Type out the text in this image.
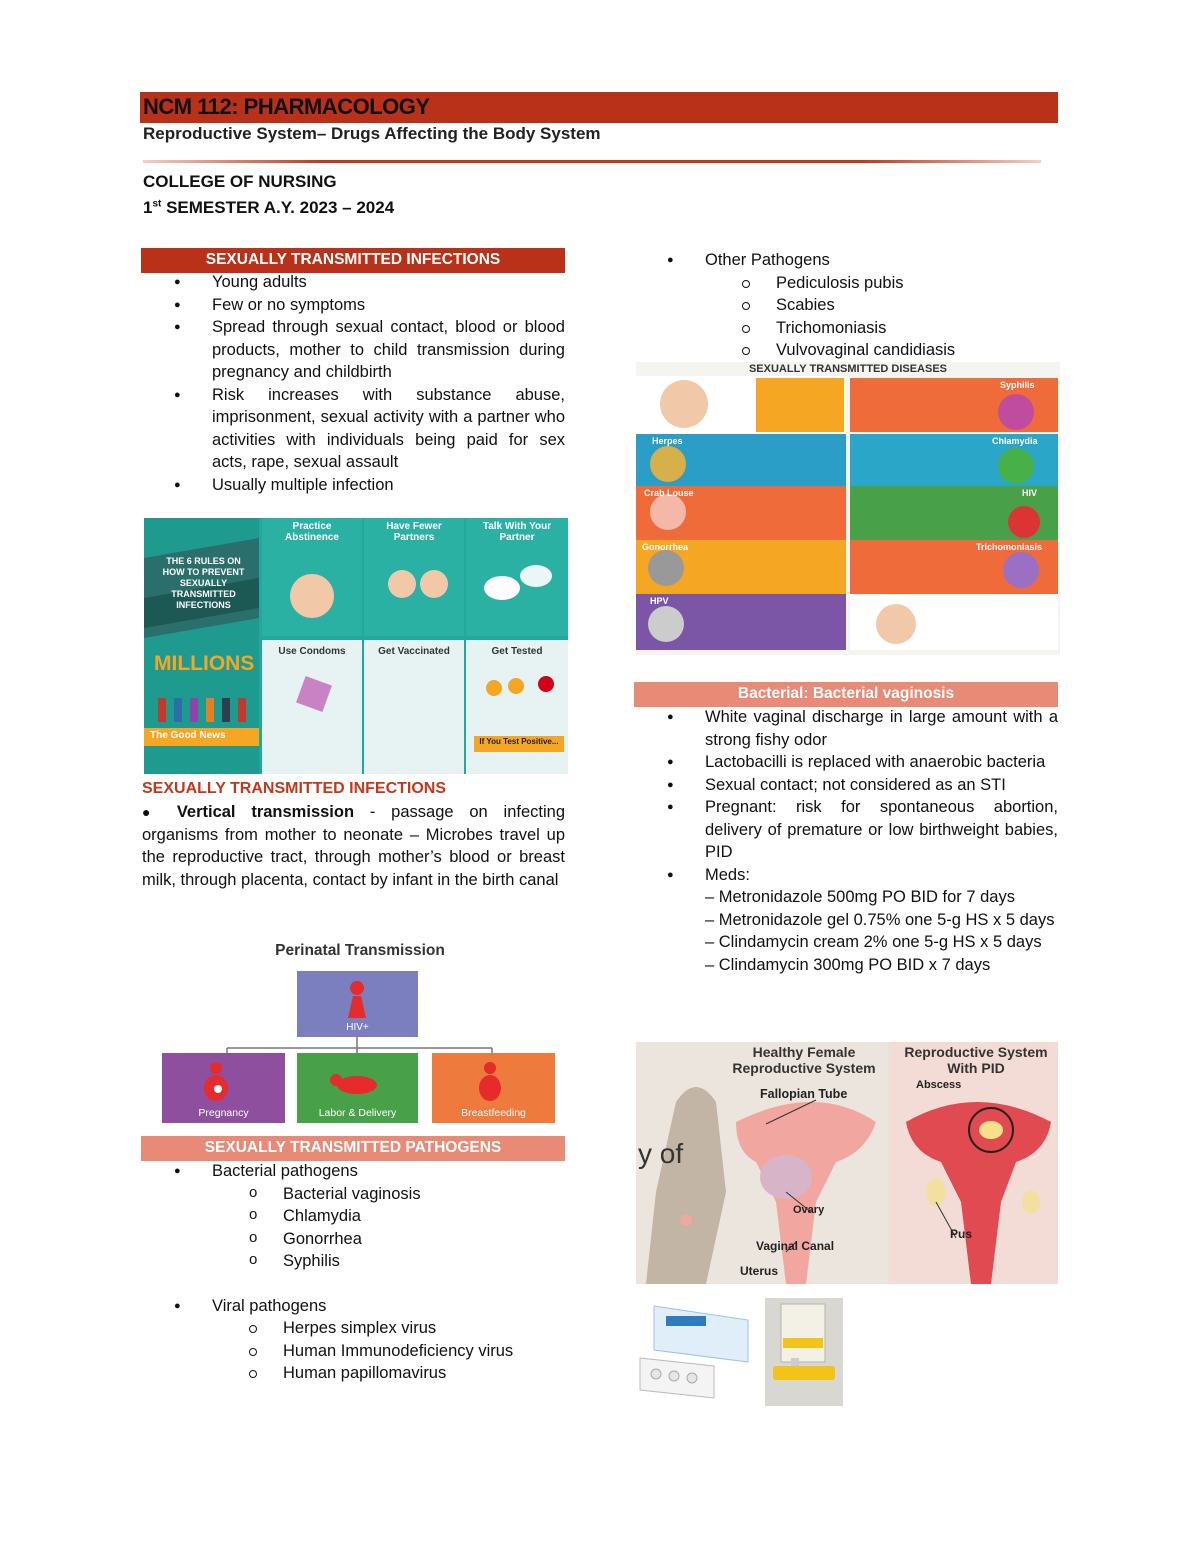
NCM 112: PHARMACOLOGY
Reproductive System– Drugs Affecting the Body System
COLLEGE OF NURSING
1st SEMESTER A.Y. 2023 – 2024
SEXUALLY TRANSMITTED INFECTIONS
● Young adults
● Few or no symptoms
● Spread through sexual contact, blood or blood products, mother to child transmission during pregnancy and childbirth
● Risk increases with substance abuse, imprisonment, sexual activity with a partner who activities with individuals being paid for sex acts, rape, sexual assault
● Usually multiple infection
THE 6 RULES ON HOW TO PREVENT SEXUALLY TRANSMITTED INFECTIONS
MILLIONS
The Good News
Practice Abstinence
Have Fewer Partners
Talk With Your Partner
Use Condoms	Get Vaccinated	Get Tested
If You Test Positive...
SEXUALLY TRANSMITTED INFECTIONS
● Vertical transmission - passage on infecting organisms from mother to neonate – Microbes travel up the reproductive tract, through mother’s blood or breast milk, through placenta, contact by infant in the birth canal
Perinatal Transmission
HIV+
Pregnancy	Labor & Delivery	Breastfeeding
SEXUALLY TRANSMITTED PATHOGENS
● Bacterial pathogens
o Bacterial vaginosis
o Chlamydia
o Gonorrhea
o Syphilis
● Viral pathogens
Herpes simplex virus
Human Immunodeficiency virus
Human papillomavirus
● Other Pathogens
Pediculosis pubis
Scabies
Trichomoniasis
Vulvovaginal candidiasis
SEXUALLY TRANSMITTED DISEASES
Syphilis
Herpes	Chlamydia
Crab Louse	HIV
Gonorrhea	Trichomoniasis
HPV
Bacterial: Bacterial vaginosis
● White vaginal discharge in large amount with a strong fishy odor
● Lactobacilli is replaced with anaerobic bacteria
● Sexual contact; not considered as an STI
● Pregnant: risk for spontaneous abortion, delivery of premature or low birthweight babies, PID
● Meds:
– Metronidazole 500mg PO BID for 7 days
– Metronidazole gel 0.75% one 5-g HS x 5 days
– Clindamycin cream 2% one 5-g HS x 5 days
– Clindamycin 300mg PO BID x 7 days
Healthy Female Reproductive System
Reproductive System With PID
y of
Fallopian Tube
Ovary
Vaginal Canal
Uterus
Abscess
Pus
